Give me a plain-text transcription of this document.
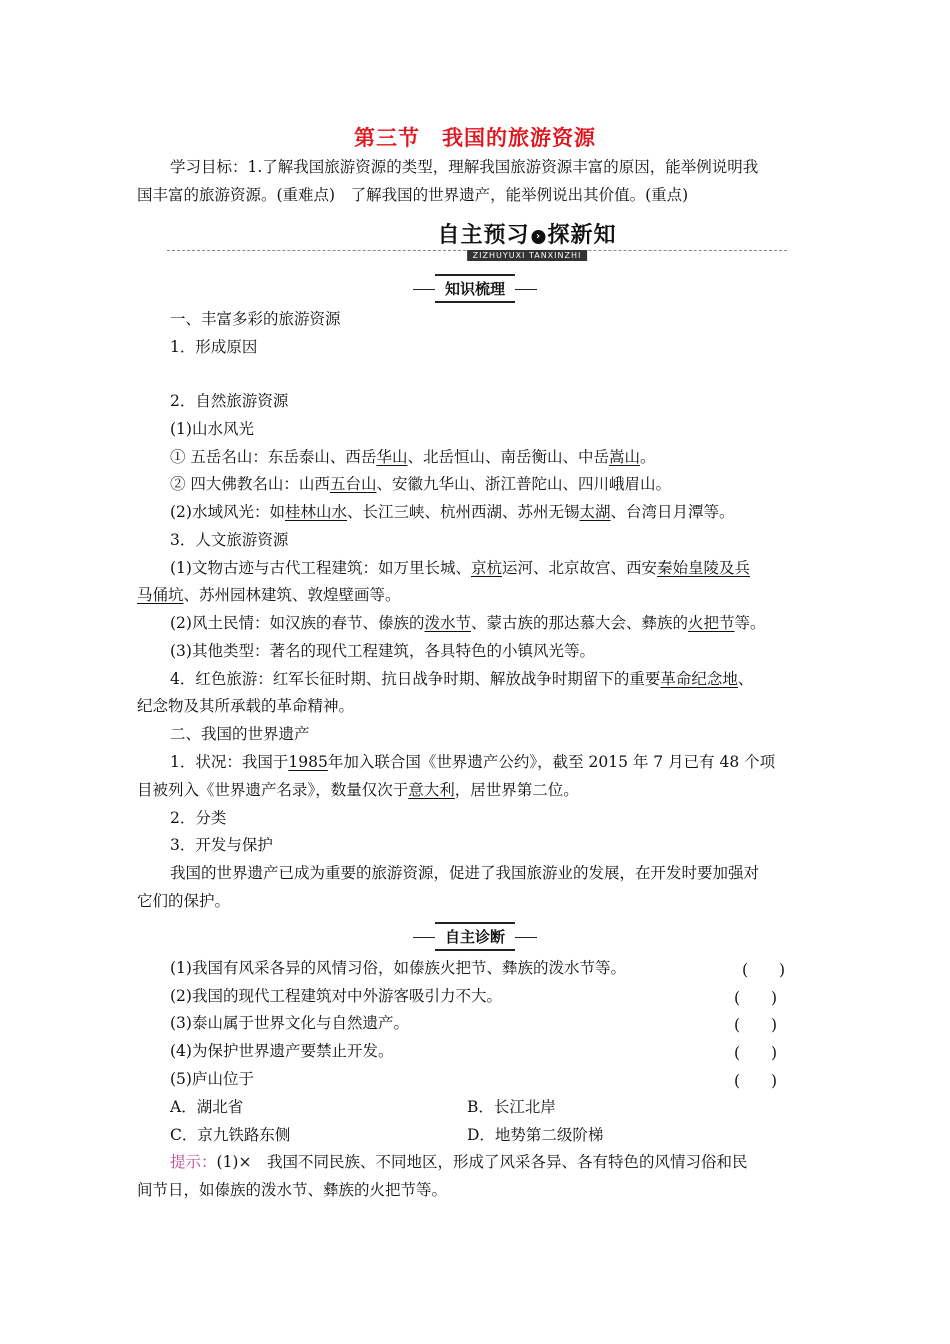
第三节　我国的旅游资源
学习目标：1.了解我国旅游资源的类型，理解我国旅游资源丰富的原因，能举例说明我
国丰富的旅游资源。(重难点)　了解我国的世界遗产，能举例说出其价值。(重点)
自主预习 › 探新知
ZIZHUYUXI TANXINZHI
知识梳理
一、丰富多彩的旅游资源
1．形成原因
2．自然旅游资源
(1)山水风光
① 五岳名山：东岳泰山、西岳华山、北岳恒山、南岳衡山、中岳嵩山。
② 四大佛教名山：山西五台山、安徽九华山、浙江普陀山、四川峨眉山。
(2)水域风光：如桂林山水、长江三峡、杭州西湖、苏州无锡太湖、台湾日月潭等。
3．人文旅游资源
(1)文物古迹与古代工程建筑：如万里长城、京杭运河、北京故宫、西安秦始皇陵及兵
马俑坑、苏州园林建筑、敦煌壁画等。
(2)风土民情：如汉族的春节、傣族的泼水节、蒙古族的那达慕大会、彝族的火把节等。
(3)其他类型：著名的现代工程建筑，各具特色的小镇风光等。
4．红色旅游：红军长征时期、抗日战争时期、解放战争时期留下的重要革命纪念地、
纪念物及其所承载的革命精神。
二、我国的世界遗产
1．状况：我国于1985年加入联合国《世界遗产公约》，截至 2015 年 7 月已有 48 个项
目被列入《世界遗产名录》，数量仅次于意大利，居世界第二位。
2．分类
3．开发与保护
我国的世界遗产已成为重要的旅游资源，促进了我国旅游业的发展，在开发时要加强对
它们的保护。
自主诊断
(1)我国有风采各异的风情习俗，如傣族火把节、彝族的泼水节等。	(　　)
(2)我国的现代工程建筑对中外游客吸引力不大。	(　　)
(3)泰山属于世界文化与自然遗产。	(　　)
(4)为保护世界遗产要禁止开发。	(　　)
(5)庐山位于	(　　)
A．湖北省	B．长江北岸
C．京九铁路东侧	D．地势第二级阶梯
提示：(1)×　我国不同民族、不同地区，形成了风采各异、各有特色的风情习俗和民
间节日，如傣族的泼水节、彝族的火把节等。
